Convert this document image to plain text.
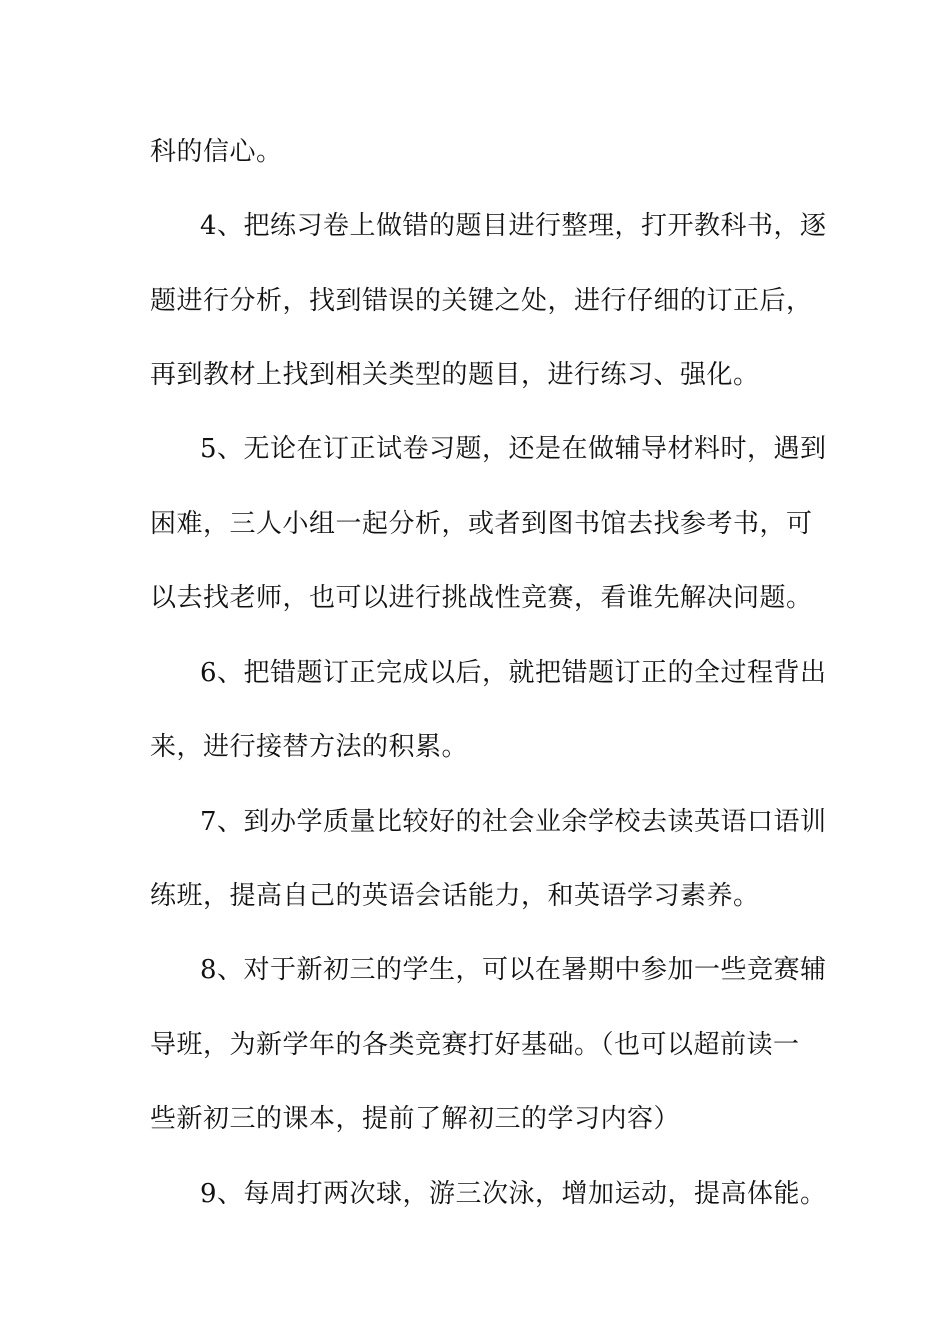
科的信心。

4、把练习卷上做错的题目进行整理，打开教科书，逐

题进行分析，找到错误的关键之处，进行仔细的订正后，

再到教材上找到相关类型的题目，进行练习、强化。

5、无论在订正试卷习题，还是在做辅导材料时，遇到

困难，三人小组一起分析，或者到图书馆去找参考书，可

以去找老师，也可以进行挑战性竞赛，看谁先解决问题。

6、把错题订正完成以后，就把错题订正的全过程背出

来，进行接替方法的积累。

7、到办学质量比较好的社会业余学校去读英语口语训

练班，提高自己的英语会话能力，和英语学习素养。

8、对于新初三的学生，可以在暑期中参加一些竞赛辅

导班，为新学年的各类竞赛打好基础。（也可以超前读一

些新初三的课本，提前了解初三的学习内容）

9、每周打两次球，游三次泳，增加运动，提高体能。
